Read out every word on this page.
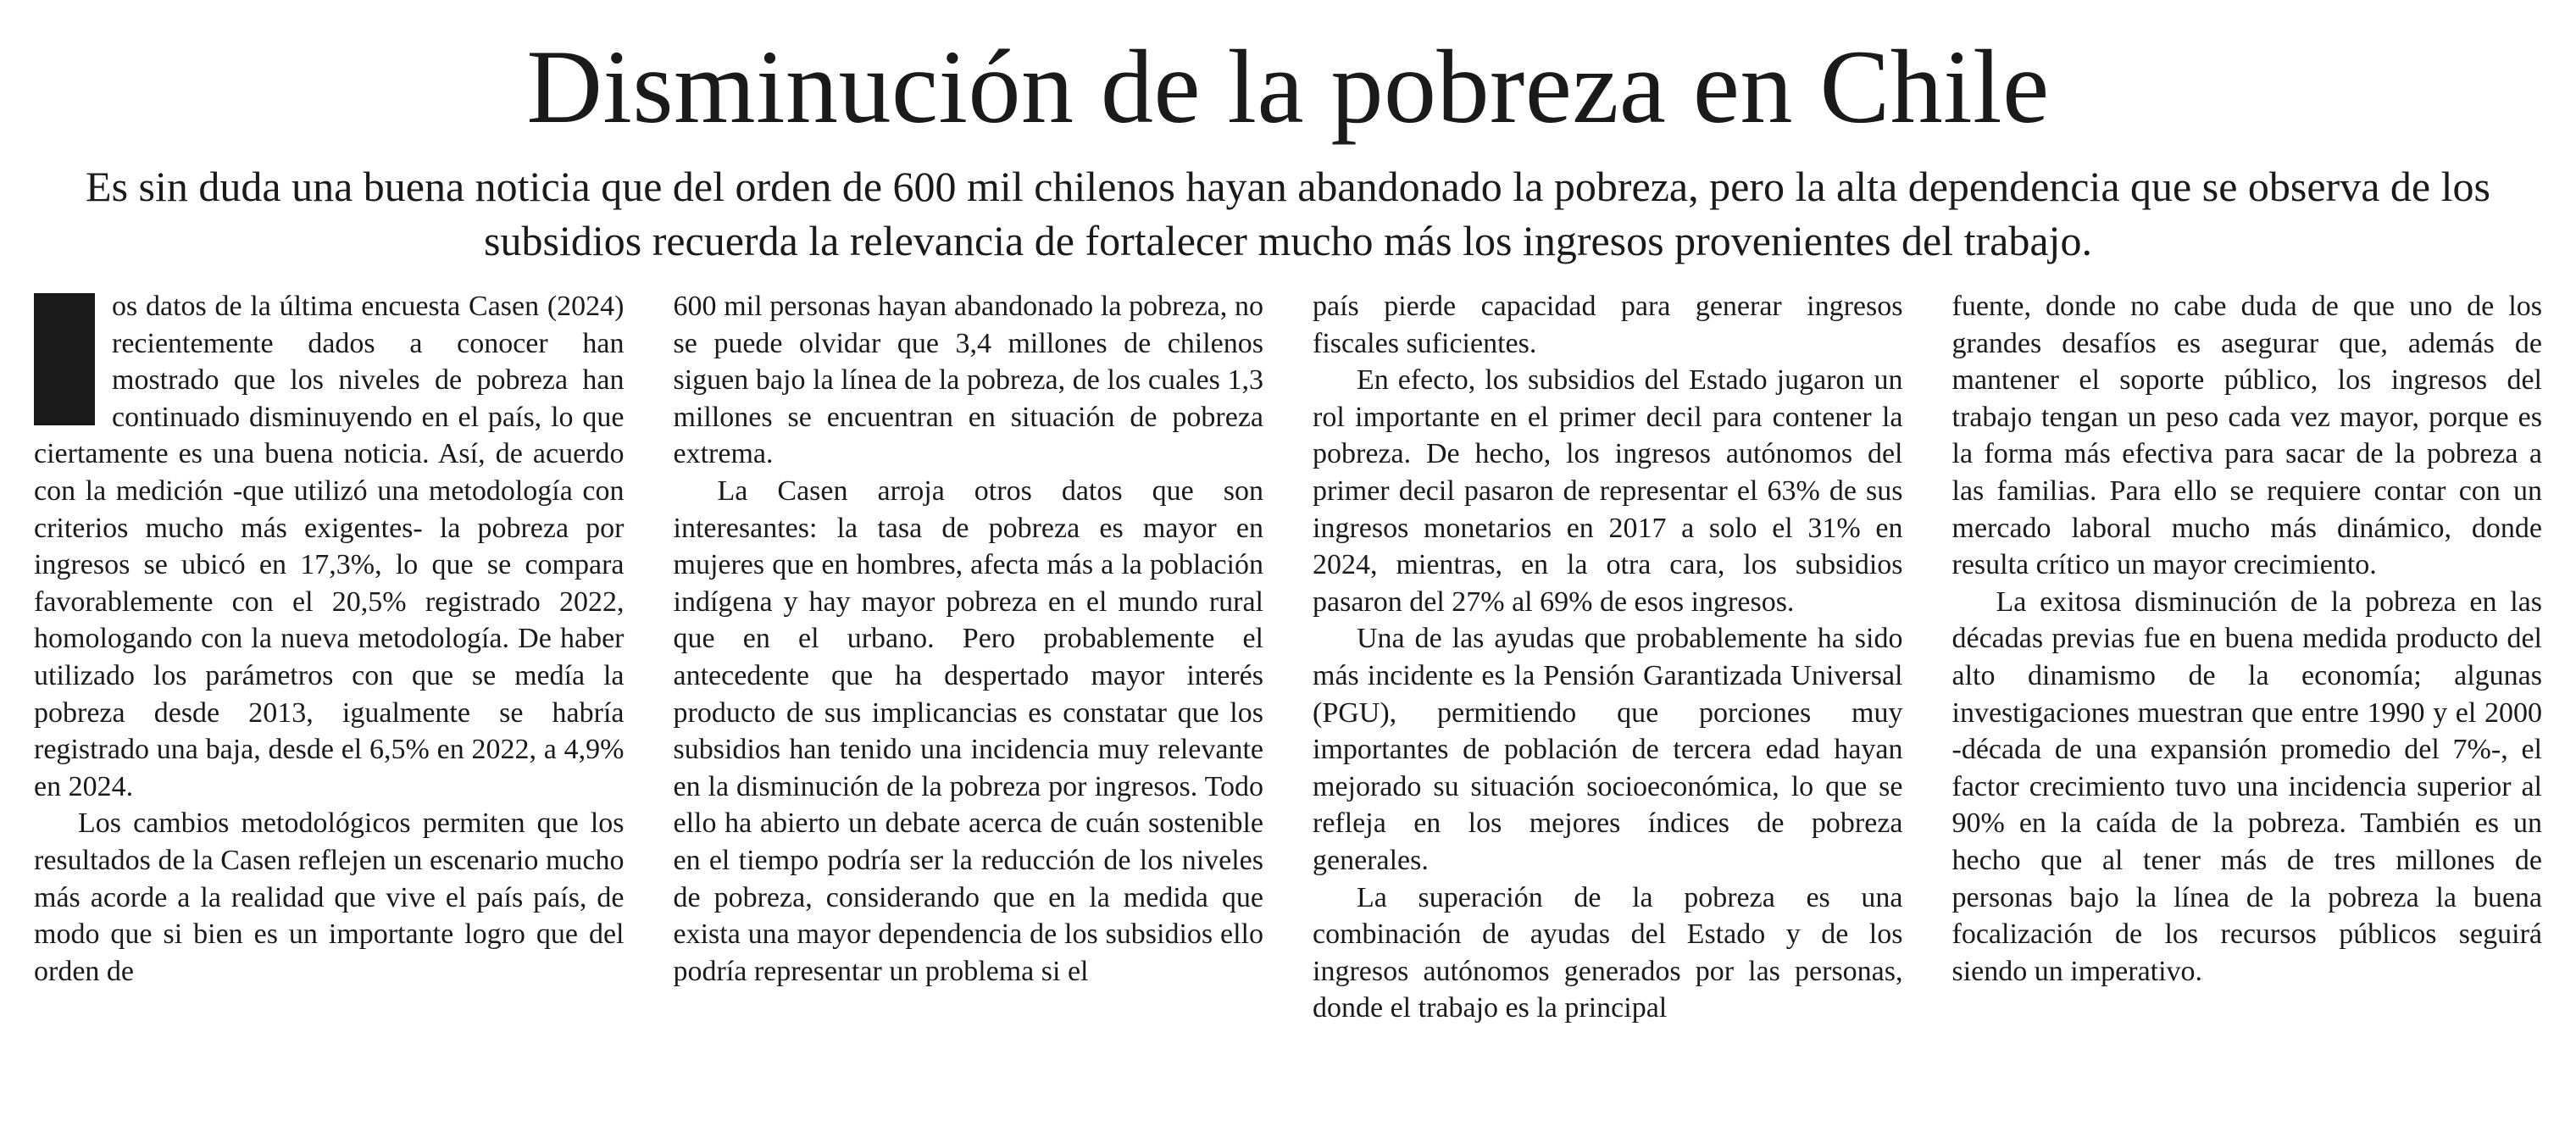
Disminución de la pobreza en Chile

Es sin duda una buena noticia que del orden de 600 mil chilenos hayan abandonado la pobreza, pero la alta dependencia que se observa de los subsidios recuerda la relevancia de fortalecer mucho más los ingresos provenientes del trabajo.

os datos de la última encuesta Casen (2024) recientemente dados a conocer han mostrado que los niveles de pobreza han continuado disminuyendo en el país, lo que ciertamente es una buena noticia. Así, de acuerdo con la medición -que utilizó una metodología con criterios mucho más exigentes- la pobreza por ingresos se ubicó en 17,3%, lo que se compara favorablemente con el 20,5% registrado 2022, homologando con la nueva metodología. De haber utilizado los parámetros con que se medía la pobreza desde 2013, igualmente se habría registrado una baja, desde el 6,5% en 2022, a 4,9% en 2024.

Los cambios metodológicos permiten que los resultados de la Casen reflejen un escenario mucho más acorde a la realidad que vive el país país, de modo que si bien es un importante logro que del orden de

600 mil personas hayan abandonado la pobreza, no se puede olvidar que 3,4 millones de chilenos siguen bajo la línea de la pobreza, de los cuales 1,3 millones se encuentran en situación de pobreza extrema.

La Casen arroja otros datos que son interesantes: la tasa de pobreza es mayor en mujeres que en hombres, afecta más a la población indígena y hay mayor pobreza en el mundo rural que en el urbano. Pero probablemente el antecedente que ha despertado mayor interés producto de sus implicancias es constatar que los subsidios han tenido una incidencia muy relevante en la disminución de la pobreza por ingresos. Todo ello ha abierto un debate acerca de cuán sostenible en el tiempo podría ser la reducción de los niveles de pobreza, considerando que en la medida que exista una mayor dependencia de los subsidios ello podría representar un problema si el

país pierde capacidad para generar ingresos fiscales suficientes.

En efecto, los subsidios del Estado jugaron un rol importante en el primer decil para contener la pobreza. De hecho, los ingresos autónomos del primer decil pasaron de representar el 63% de sus ingresos monetarios en 2017 a solo el 31% en 2024, mientras, en la otra cara, los subsidios pasaron del 27% al 69% de esos ingresos.

Una de las ayudas que probablemente ha sido más incidente es la Pensión Garantizada Universal (PGU), permitiendo que porciones muy importantes de población de tercera edad hayan mejorado su situación socioeconómica, lo que se refleja en los mejores índices de pobreza generales.

La superación de la pobreza es una combinación de ayudas del Estado y de los ingresos autónomos generados por las personas, donde el trabajo es la principal

fuente, donde no cabe duda de que uno de los grandes desafíos es asegurar que, además de mantener el soporte público, los ingresos del trabajo tengan un peso cada vez mayor, porque es la forma más efectiva para sacar de la pobreza a las familias. Para ello se requiere contar con un mercado laboral mucho más dinámico, donde resulta crítico un mayor crecimiento.

La exitosa disminución de la pobreza en las décadas previas fue en buena medida producto del alto dinamismo de la economía; algunas investigaciones muestran que entre 1990 y el 2000 -década de una expansión promedio del 7%-, el factor crecimiento tuvo una incidencia superior al 90% en la caída de la pobreza. También es un hecho que al tener más de tres millones de personas bajo la línea de la pobreza la buena focalización de los recursos públicos seguirá siendo un imperativo.
